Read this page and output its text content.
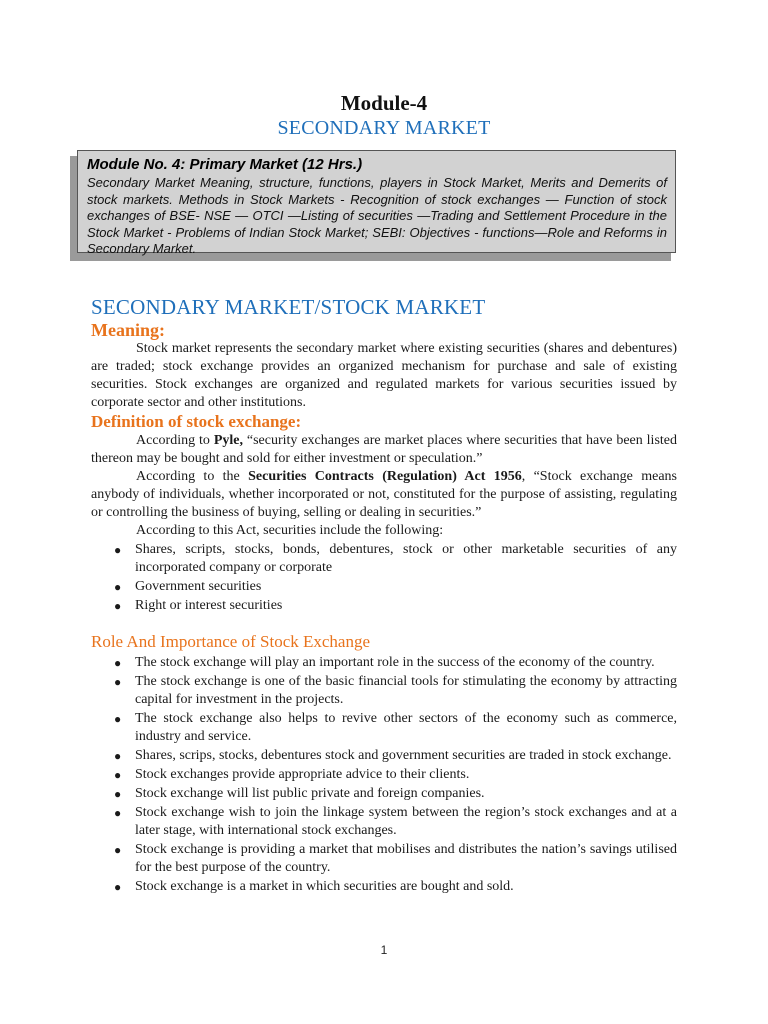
Module-4
SECONDARY MARKET
Module No. 4: Primary Market (12 Hrs.)
Secondary Market Meaning, structure, functions, players in Stock Market, Merits and Demerits of stock markets. Methods in Stock Markets - Recognition of stock exchanges — Function of stock exchanges of BSE- NSE — OTCI —Listing of securities —Trading and Settlement Procedure in the Stock Market - Problems of Indian Stock Market; SEBI: Objectives - functions—Role and Reforms in Secondary Market.
SECONDARY MARKET/STOCK MARKET
Meaning:
Stock market represents the secondary market where existing securities (shares and debentures) are traded; stock exchange provides an organized mechanism for purchase and sale of existing securities. Stock exchanges are organized and regulated markets for various securities issued by corporate sector and other institutions.
Definition of stock exchange:
According to Pyle, “security exchanges are market places where securities that have been listed thereon may be bought and sold for either investment or speculation.”
According to the Securities Contracts (Regulation) Act 1956, “Stock exchange means anybody of individuals, whether incorporated or not, constituted for the purpose of assisting, regulating or controlling the business of buying, selling or dealing in securities.”
According to this Act, securities include the following:
● Shares, scripts, stocks, bonds, debentures, stock or other marketable securities of any incorporated company or corporate
● Government securities
● Right or interest securities
Role And Importance of Stock Exchange
● The stock exchange will play an important role in the success of the economy of the country.
● The stock exchange is one of the basic financial tools for stimulating the economy by attracting capital for investment in the projects.
● The stock exchange also helps to revive other sectors of the economy such as commerce, industry and service.
● Shares, scrips, stocks, debentures stock and government securities are traded in stock exchange.
● Stock exchanges provide appropriate advice to their clients.
● Stock exchange will list public private and foreign companies.
● Stock exchange wish to join the linkage system between the region’s stock exchanges and at a later stage, with international stock exchanges.
● Stock exchange is providing a market that mobilises and distributes the nation’s savings utilised for the best purpose of the country.
● Stock exchange is a market in which securities are bought and sold.
1
